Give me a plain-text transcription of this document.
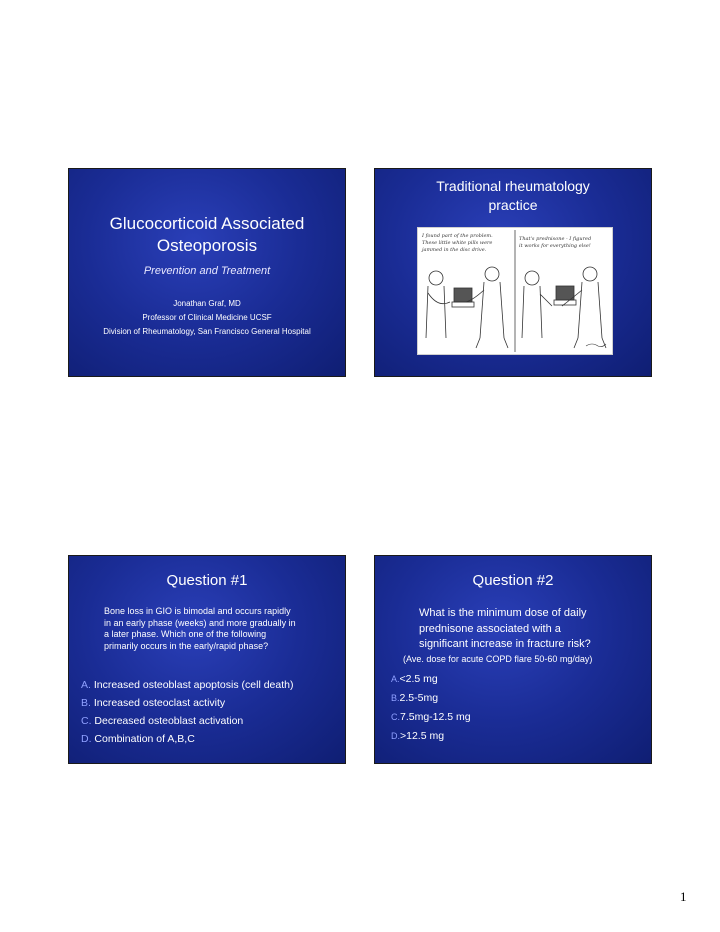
Glucocorticoid Associated
Osteoporosis
Prevention and Treatment
Jonathan Graf, MD
Professor of Clinical Medicine UCSF
Division of Rheumatology, San Francisco General Hospital
Traditional rheumatology
practice
I found part of the problem.
These little white pills were
jammed in the disc drive.
That's prednisone - I figured
it works for everything else!
Question #1
Bone loss in GIO is bimodal and occurs rapidly
in an early phase (weeks) and more gradually in
a later phase. Which one of the following
primarily occurs in the early/rapid phase?
A. Increased osteoblast apoptosis (cell death)
B. Increased osteoclast activity
C. Decreased osteoblast activation
D. Combination of A,B,C
Question #2
What is the minimum dose of daily
prednisone associated with a
significant increase in fracture risk?
(Ave. dose for acute COPD flare 50-60 mg/day)
A.<2.5 mg
B.2.5-5mg
C.7.5mg-12.5 mg
D.>12.5 mg
1
